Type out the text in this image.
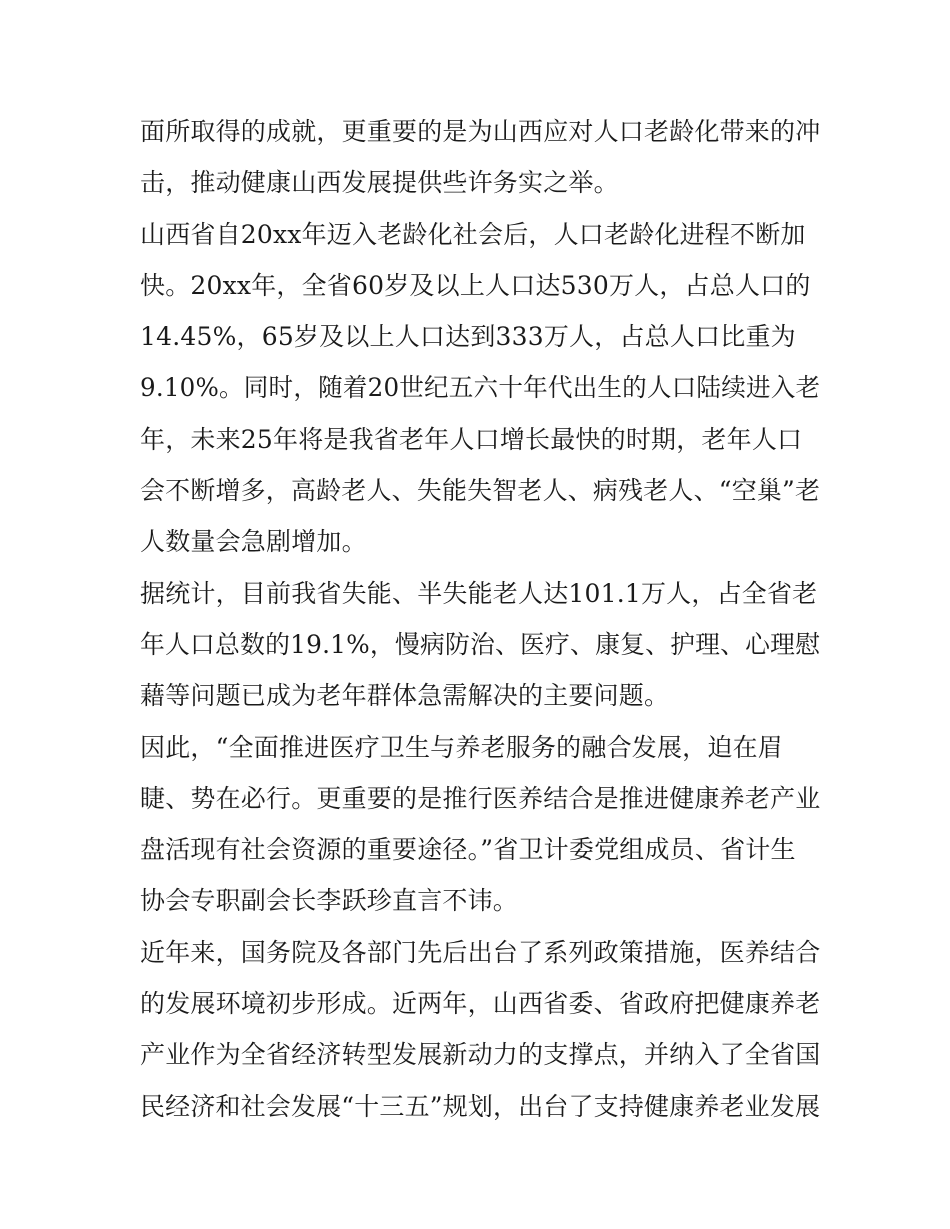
面所取得的成就，更重要的是为山西应对人口老龄化带来的冲
击，推动健康山西发展提供些许务实之举。
山西省自20xx年迈入老龄化社会后，人口老龄化进程不断加
快。20xx年，全省60岁及以上人口达530万人，占总人口的
14.45%，65岁及以上人口达到333万人，占总人口比重为
9.10%。同时，随着20世纪五六十年代出生的人口陆续进入老
年，未来25年将是我省老年人口增长最快的时期，老年人口
会不断增多，高龄老人、失能失智老人、病残老人、“空巢”老
人数量会急剧增加。
据统计，目前我省失能、半失能老人达101.1万人，占全省老
年人口总数的19.1%，慢病防治、医疗、康复、护理、心理慰
藉等问题已成为老年群体急需解决的主要问题。
因此，“全面推进医疗卫生与养老服务的融合发展，迫在眉
睫、势在必行。更重要的是推行医养结合是推进健康养老产业
盘活现有社会资源的重要途径。”省卫计委党组成员、省计生
协会专职副会长李跃珍直言不讳。
近年来，国务院及各部门先后出台了系列政策措施，医养结合
的发展环境初步形成。近两年，山西省委、省政府把健康养老
产业作为全省经济转型发展新动力的支撑点，并纳入了全省国
民经济和社会发展“十三五”规划，出台了支持健康养老业发展
